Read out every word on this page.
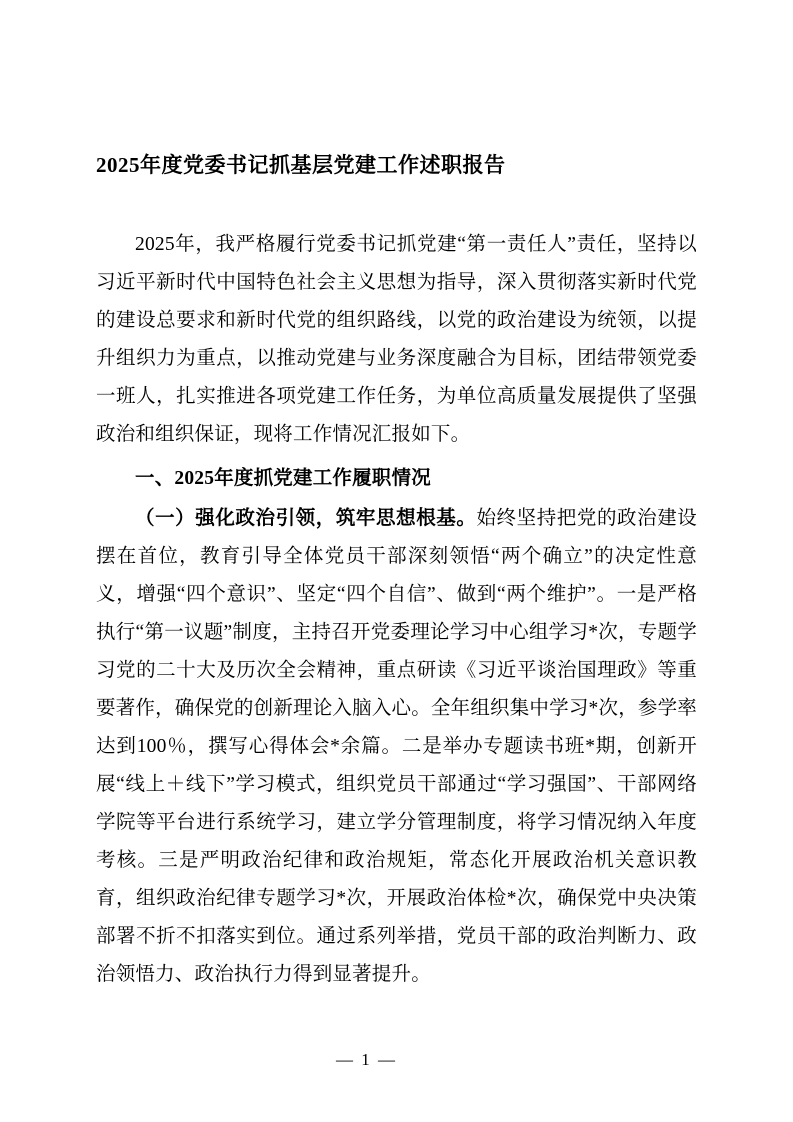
2025年度党委书记抓基层党建工作述职报告

2025年，我严格履行党委书记抓党建“第一责任人”责任，坚持以习近平新时代中国特色社会主义思想为指导，深入贯彻落实新时代党的建设总要求和新时代党的组织路线，以党的政治建设为统领，以提升组织力为重点，以推动党建与业务深度融合为目标，团结带领党委一班人，扎实推进各项党建工作任务，为单位高质量发展提供了坚强政治和组织保证，现将工作情况汇报如下。

一、2025年度抓党建工作履职情况

（一）强化政治引领，筑牢思想根基。始终坚持把党的政治建设摆在首位，教育引导全体党员干部深刻领悟“两个确立”的决定性意义，增强“四个意识”、坚定“四个自信”、做到“两个维护”。一是严格执行“第一议题”制度，主持召开党委理论学习中心组学习*次，专题学习党的二十大及历次全会精神，重点研读《习近平谈治国理政》等重要著作，确保党的创新理论入脑入心。全年组织集中学习*次，参学率达到100％，撰写心得体会*余篇。二是举办专题读书班*期，创新开展“线上＋线下”学习模式，组织党员干部通过“学习强国”、干部网络学院等平台进行系统学习，建立学分管理制度，将学习情况纳入年度考核。三是严明政治纪律和政治规矩，常态化开展政治机关意识教育，组织政治纪律专题学习*次，开展政治体检*次，确保党中央决策部署不折不扣落实到位。通过系列举措，党员干部的政治判断力、政治领悟力、政治执行力得到显著提升。

— 1 —
